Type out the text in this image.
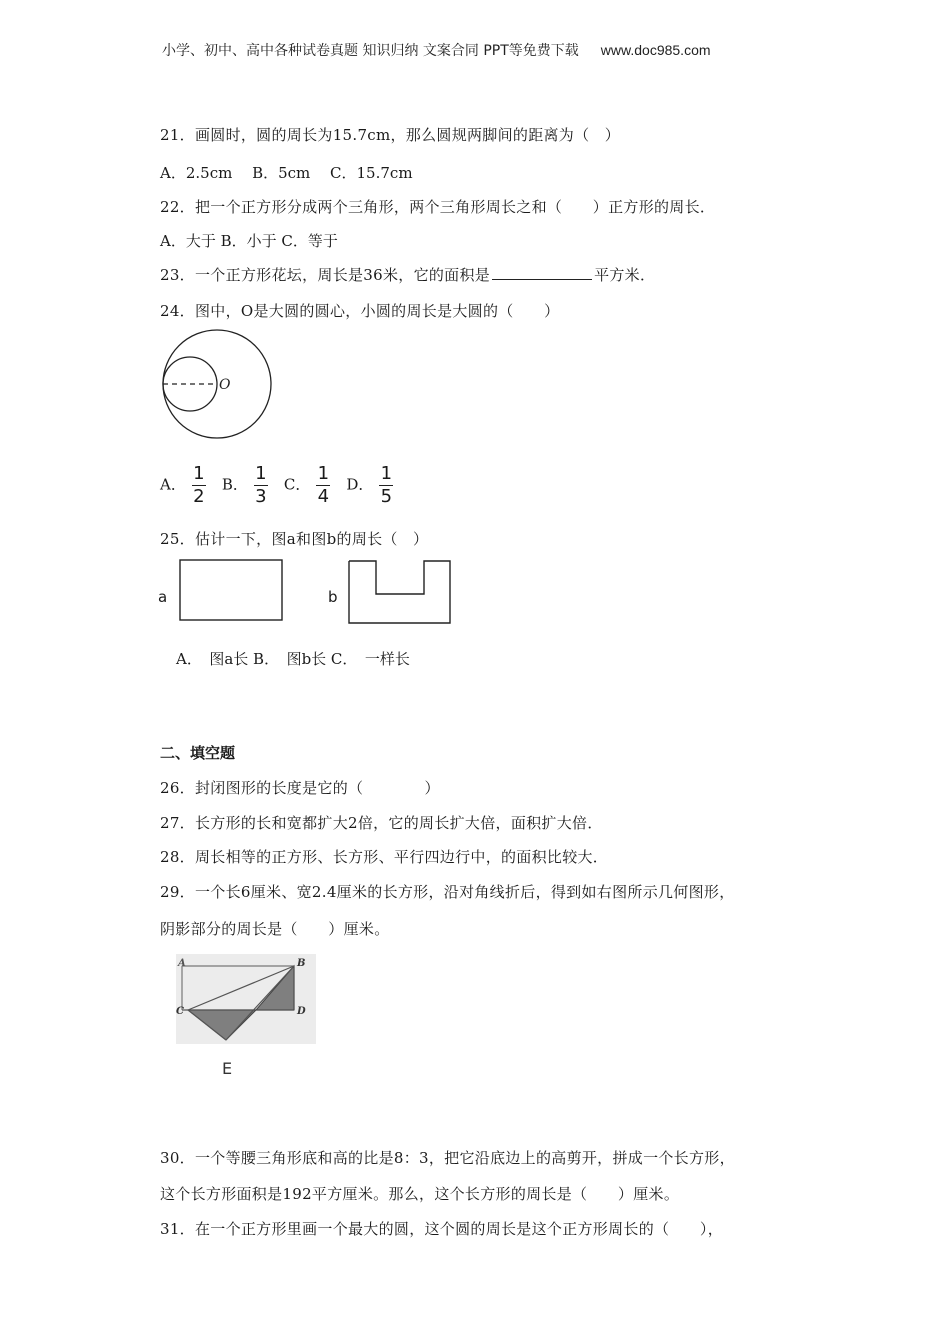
小学、初中、高中各种试卷真题 知识归纳 文案合同 PPT等免费下载 www.doc985.com
21．画圆时，圆的周长为15.7cm，那么圆规两脚间的距离为（　）
A．2.5cm　 B．5cm　 C．15.7cm
22．把一个正方形分成两个三角形，两个三角形周长之和（　　）正方形的周长．
A．大于 B．小于 C．等于
23．一个正方形花坛，周长是36米，它的面积是	平方米．
24．图中，O是大圆的圆心，小圆的周长是大圆的（　　）
O
A． $\frac{1}{2}$ B． $\frac{1}{3}$ C． $\frac{1}{4}$ D． $\frac{1}{5}$
25．估计一下，图a和图b的周长（　）
a	b
A．　图a长 B．　图b长 C．　一样长
二、填空题
26．封闭图形的长度是它的（　　　　）
27．长方形的长和宽都扩大2倍，它的周长扩大倍，面积扩大倍．
28．周长相等的正方形、长方形、平行四边行中，的面积比较大．
29．一个长6厘米、宽2.4厘米的长方形，沿对角线折后，得到如右图所示几何图形，
阴影部分的周长是（　　）厘米。
A	B
C	D
E
30．一个等腰三角形底和高的比是8：3，把它沿底边上的高剪开，拼成一个长方形，
这个长方形面积是192平方厘米。那么，这个长方形的周长是（　　）厘米。
31．在一个正方形里画一个最大的圆，这个圆的周长是这个正方形周长的（　　），
